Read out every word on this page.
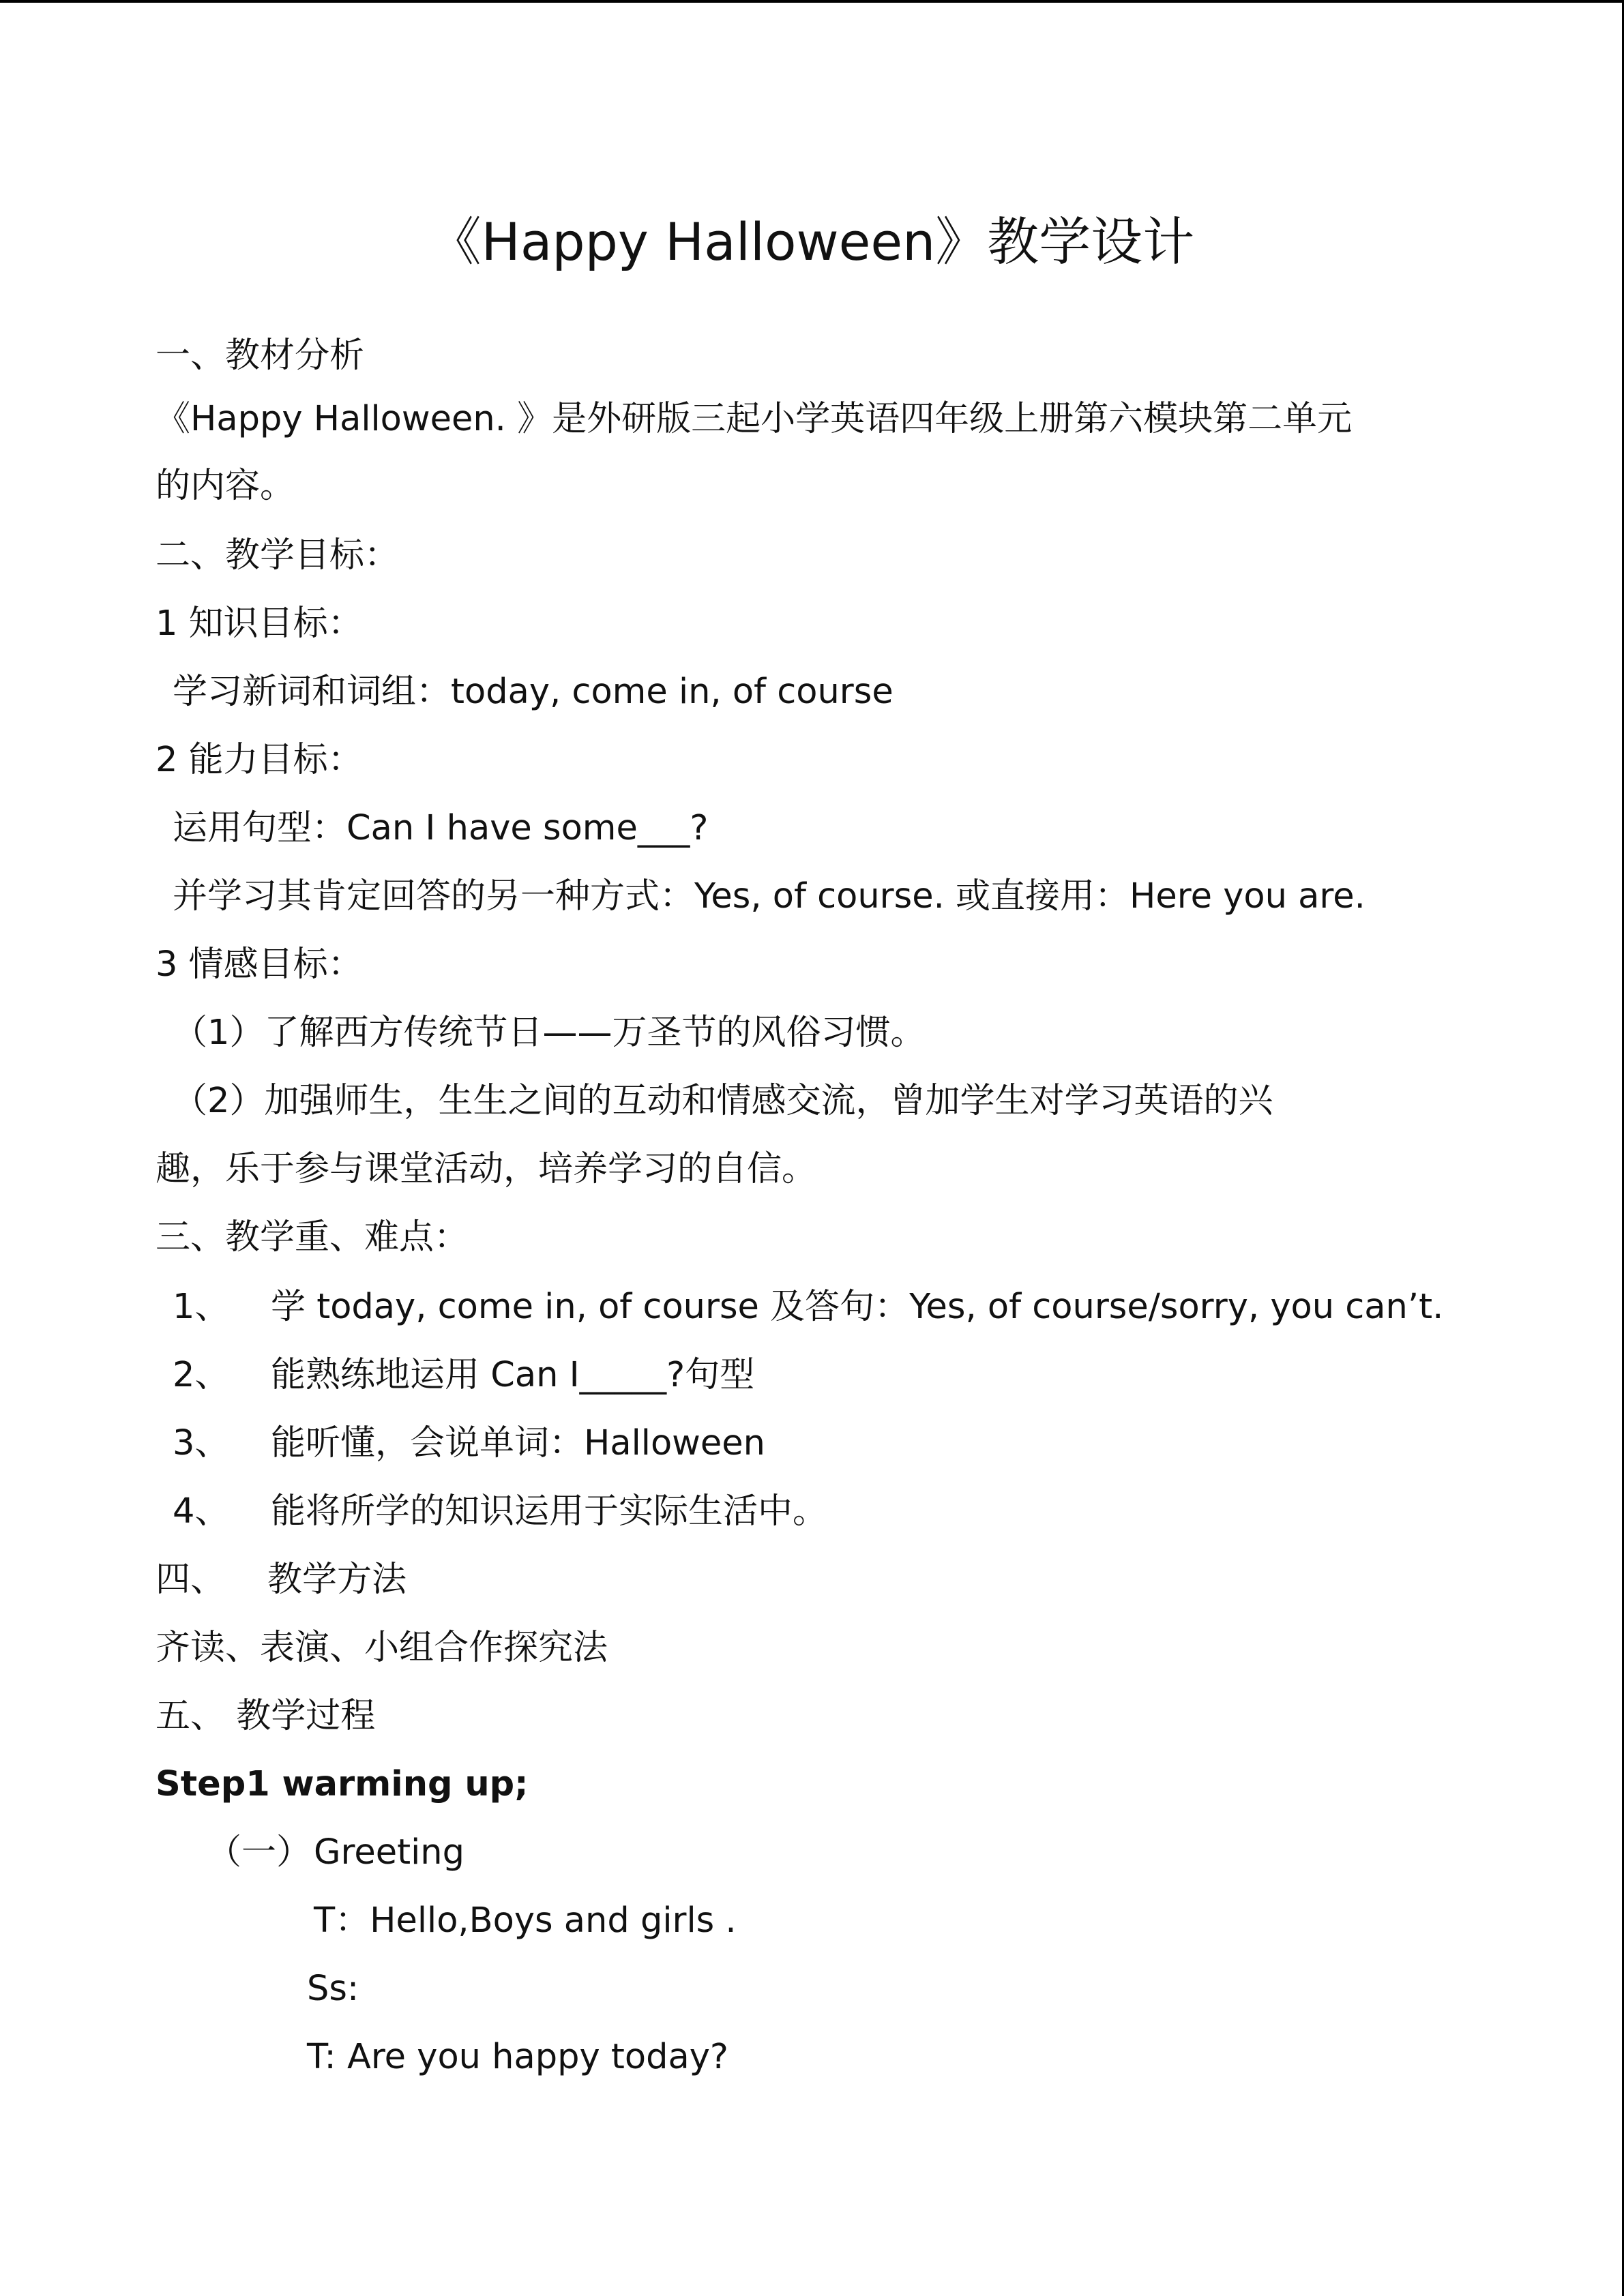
《Happy Halloween》教学设计
一、教材分析
《Happy Halloween. 》是外研版三起小学英语四年级上册第六模块第二单元
的内容。
二、教学目标：
1 知识目标：
学习新词和词组：today, come in, of course
2 能力目标：
运用句型：Can I have some___?
并学习其肯定回答的另一种方式：Yes, of course. 或直接用：Here you are.
3 情感目标：
（1）了解西方传统节日——万圣节的风俗习惯。
（2）加强师生，生生之间的互动和情感交流，曾加学生对学习英语的兴
趣，乐于参与课堂活动，培养学习的自信。
三、教学重、难点：
1、 学 today, come in, of course 及答句：Yes, of course/sorry, you can’t.
2、 能熟练地运用 Can I_____?句型
3、 能听懂，会说单词：Halloween
4、 能将所学的知识运用于实际生活中。
四、 教学方法
齐读、表演、小组合作探究法
五、 教学过程
Step1 warming up;
（一） Greeting
T：Hello,Boys and girls .
Ss:
T: Are you happy today?
